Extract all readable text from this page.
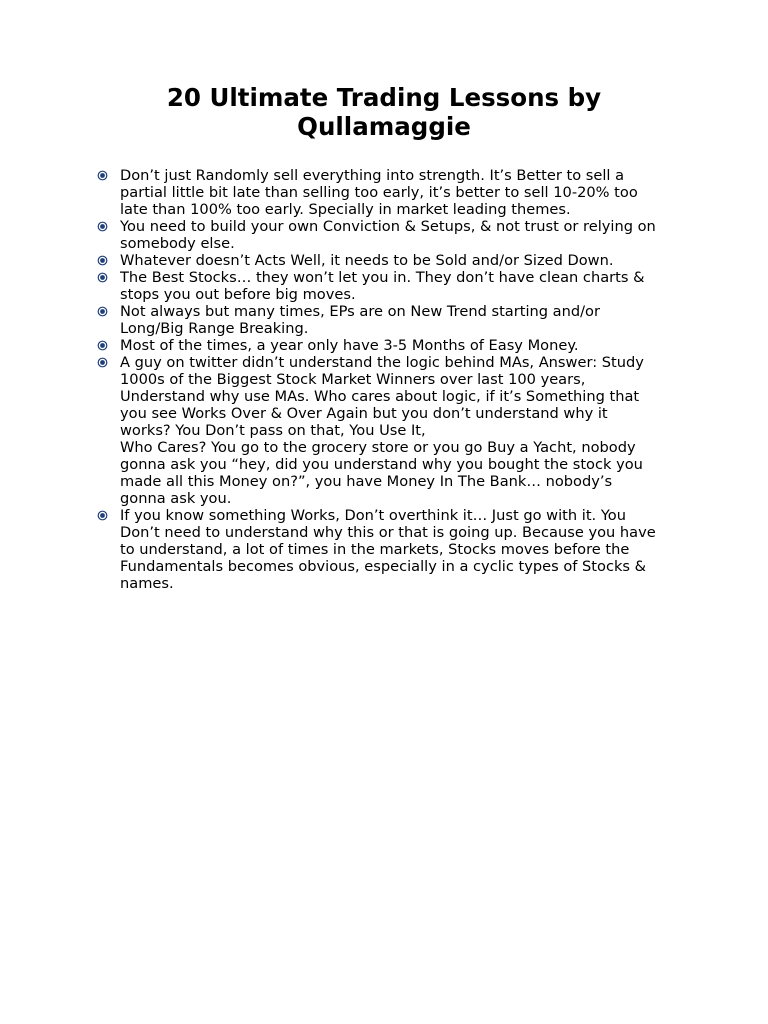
20 Ultimate Trading Lessons by
Qullamaggie
Don’t just Randomly sell everything into strength. It’s Better to sell a
partial little bit late than selling too early, it’s better to sell 10-20% too
late than 100% too early. Specially in market leading themes.
You need to build your own Conviction & Setups, & not trust or relying on
somebody else.
Whatever doesn’t Acts Well, it needs to be Sold and/or Sized Down.
The Best Stocks… they won’t let you in. They don’t have clean charts &
stops you out before big moves.
Not always but many times, EPs are on New Trend starting and/or
Long/Big Range Breaking.
Most of the times, a year only have 3-5 Months of Easy Money.
A guy on twitter didn’t understand the logic behind MAs, Answer: Study
1000s of the Biggest Stock Market Winners over last 100 years,
Understand why use MAs. Who cares about logic, if it’s Something that
you see Works Over & Over Again but you don’t understand why it
works? You Don’t pass on that, You Use It,
Who Cares? You go to the grocery store or you go Buy a Yacht, nobody
gonna ask you “hey, did you understand why you bought the stock you
made all this Money on?”, you have Money In The Bank… nobody’s
gonna ask you.
If you know something Works, Don’t overthink it… Just go with it. You
Don’t need to understand why this or that is going up. Because you have
to understand, a lot of times in the markets, Stocks moves before the
Fundamentals becomes obvious, especially in a cyclic types of Stocks &
names.
